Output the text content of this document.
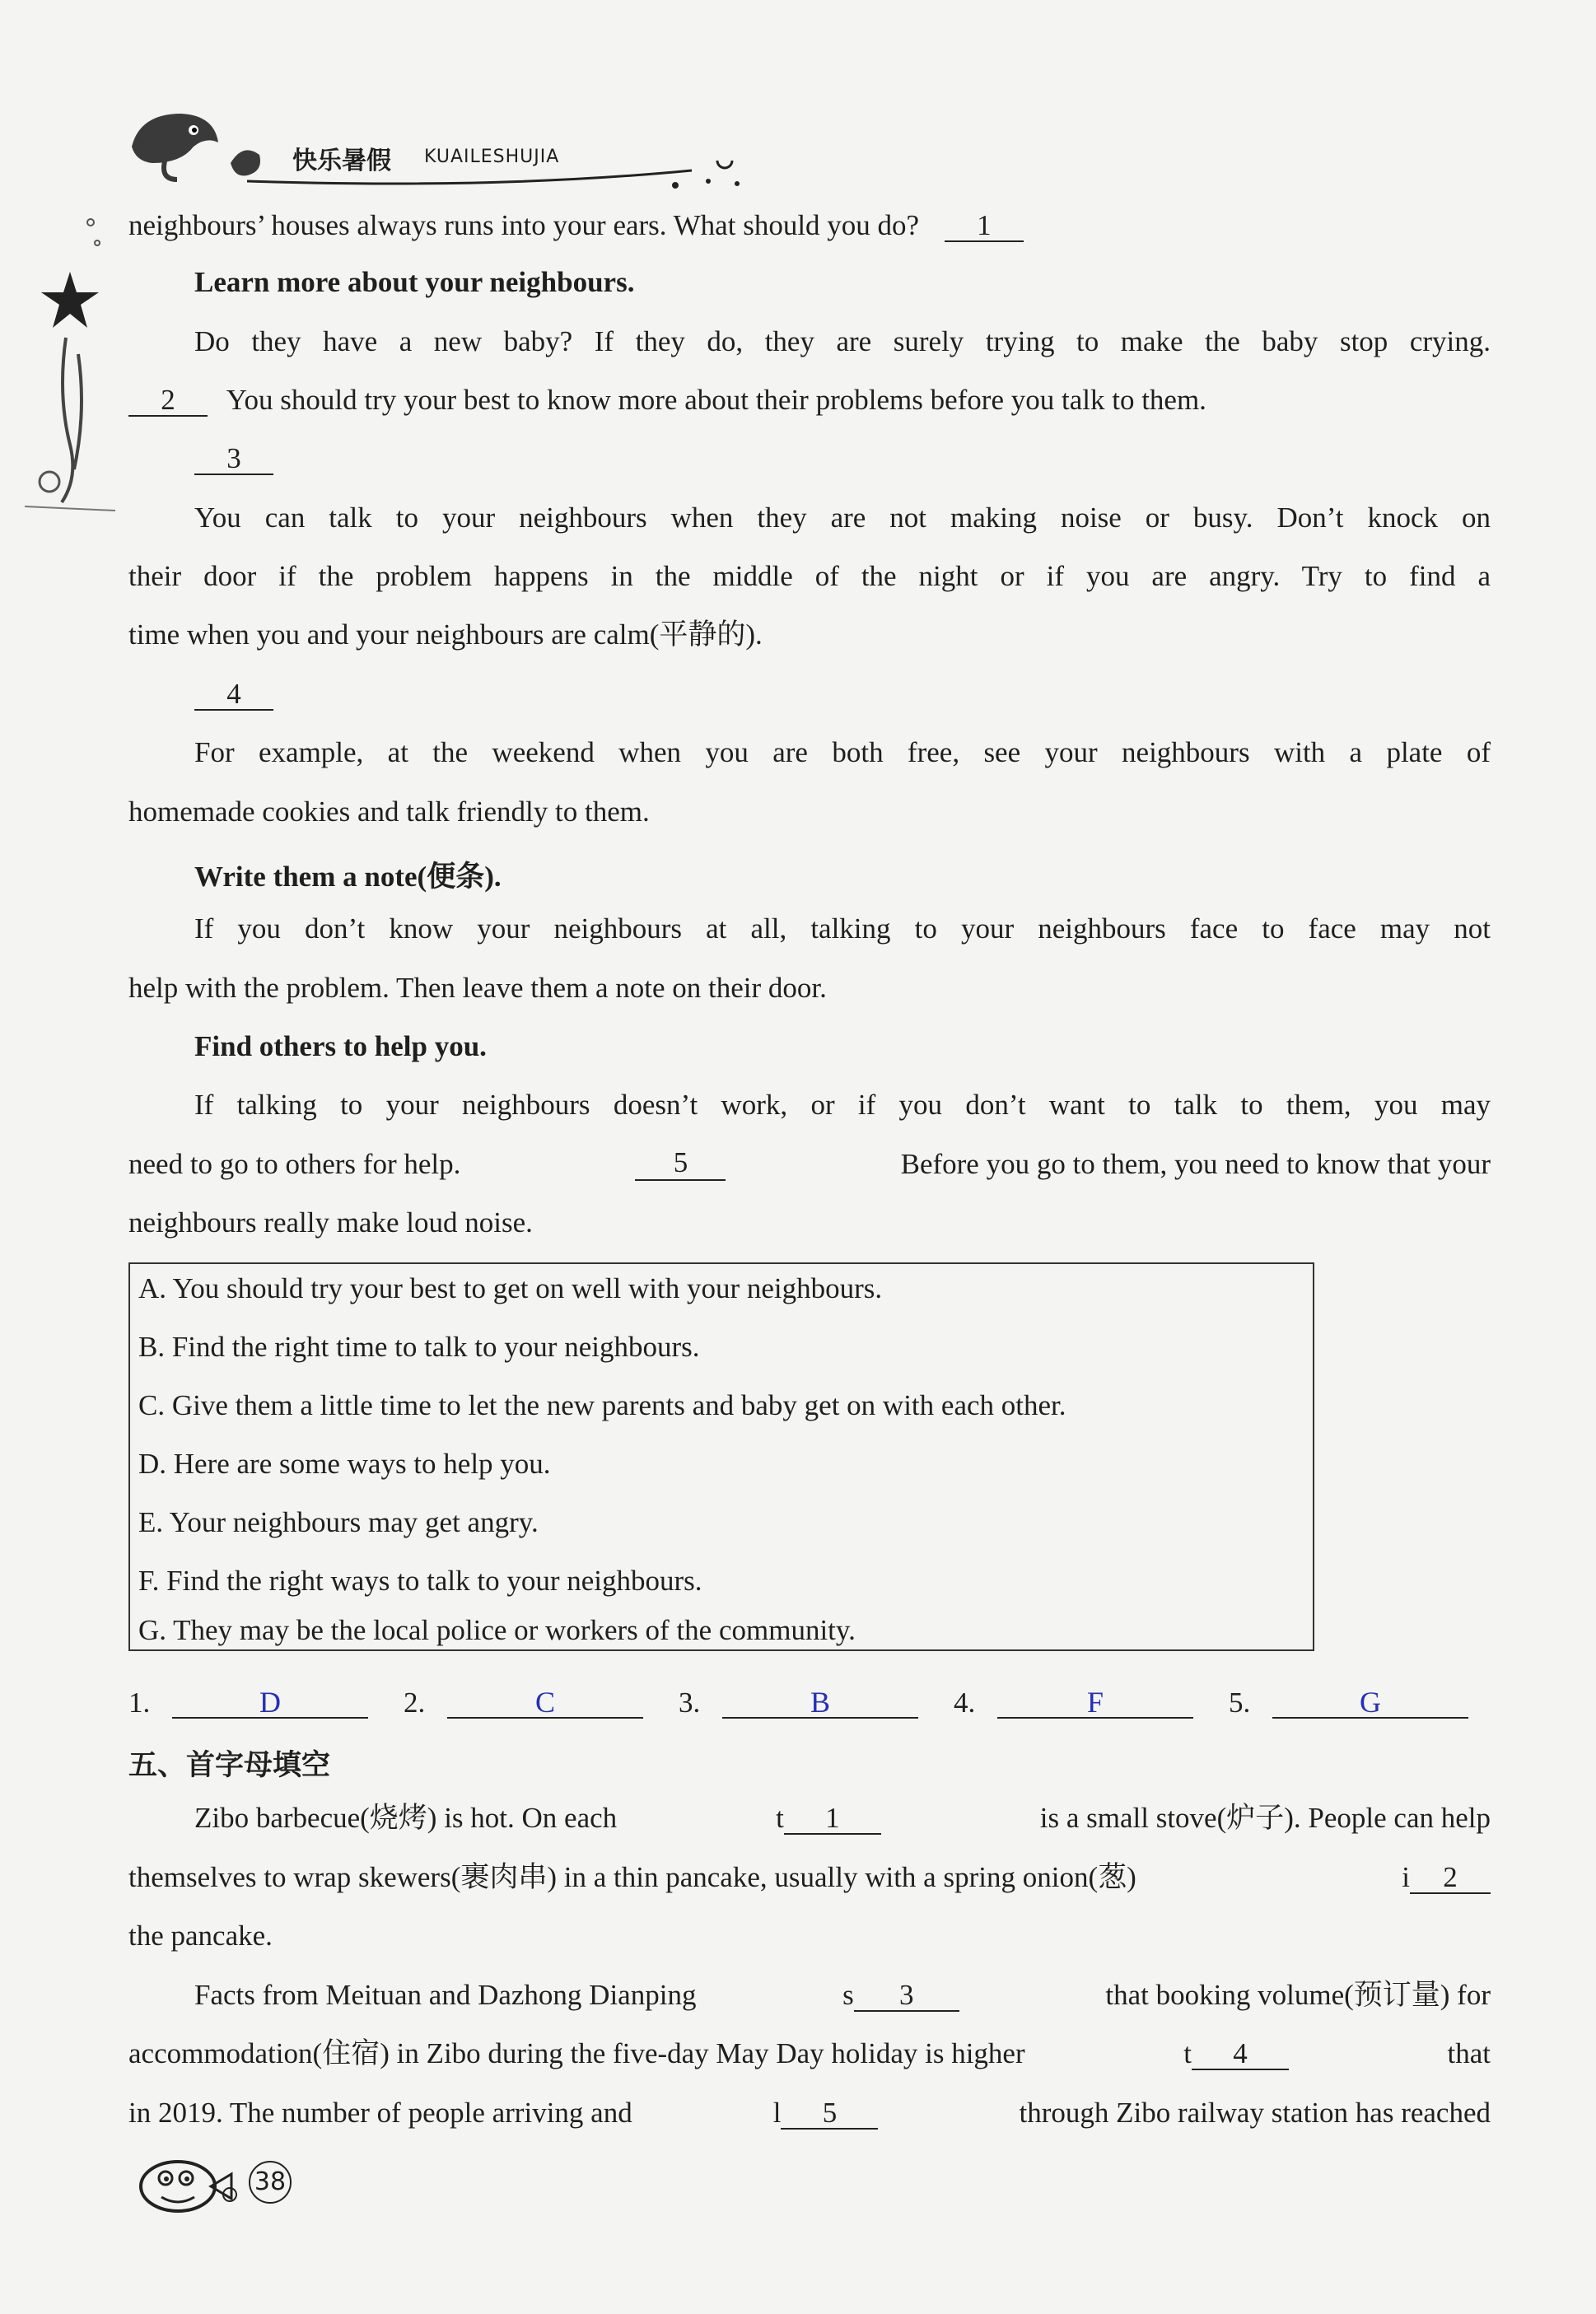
快乐暑假 KUAILESHUJIA
neighbours’ houses always runs into your ears. What should you do? 1
Learn more about your neighbours.
Do they have a new baby? If they do, they are surely trying to make the baby stop crying.
2 You should try your best to know more about their problems before you talk to them.
3
You can talk to your neighbours when they are not making noise or busy. Don’t knock on
their door if the problem happens in the middle of the night or if you are angry. Try to find a
time when you and your neighbours are calm(平静的).
4
For example, at the weekend when you are both free, see your neighbours with a plate of
homemade cookies and talk friendly to them.
Write them a note(便条).
If you don’t know your neighbours at all, talking to your neighbours face to face may not
help with the problem. Then leave them a note on their door.
Find others to help you.
If talking to your neighbours doesn’t work, or if you don’t want to talk to them, you may
need to go to others for help.	5	Before you go to them, you need to know that your
neighbours really make loud noise.
A. You should try your best to get on well with your neighbours.
B. Find the right time to talk to your neighbours.
C. Give them a little time to let the new parents and baby get on with each other.
D. Here are some ways to help you.
E. Your neighbours may get angry.
F. Find the right ways to talk to your neighbours.
G. They may be the local police or workers of the community.
1.	D	2.	C	3.	B	4.	F	5.	G
五、首字母填空
Zibo barbecue(烧烤) is hot. On each	t 1	is a small stove(炉子). People can help
themselves to wrap skewers(裹肉串) in a thin pancake, usually with a spring onion(葱)	i 2
the pancake.
Facts from Meituan and Dazhong Dianping	s 3	that booking volume(预订量) for
accommodation(住宿) in Zibo during the five-day May Day holiday is higher	t 4	that
in 2019. The number of people arriving and	l 5	through Zibo railway station has reached
38
